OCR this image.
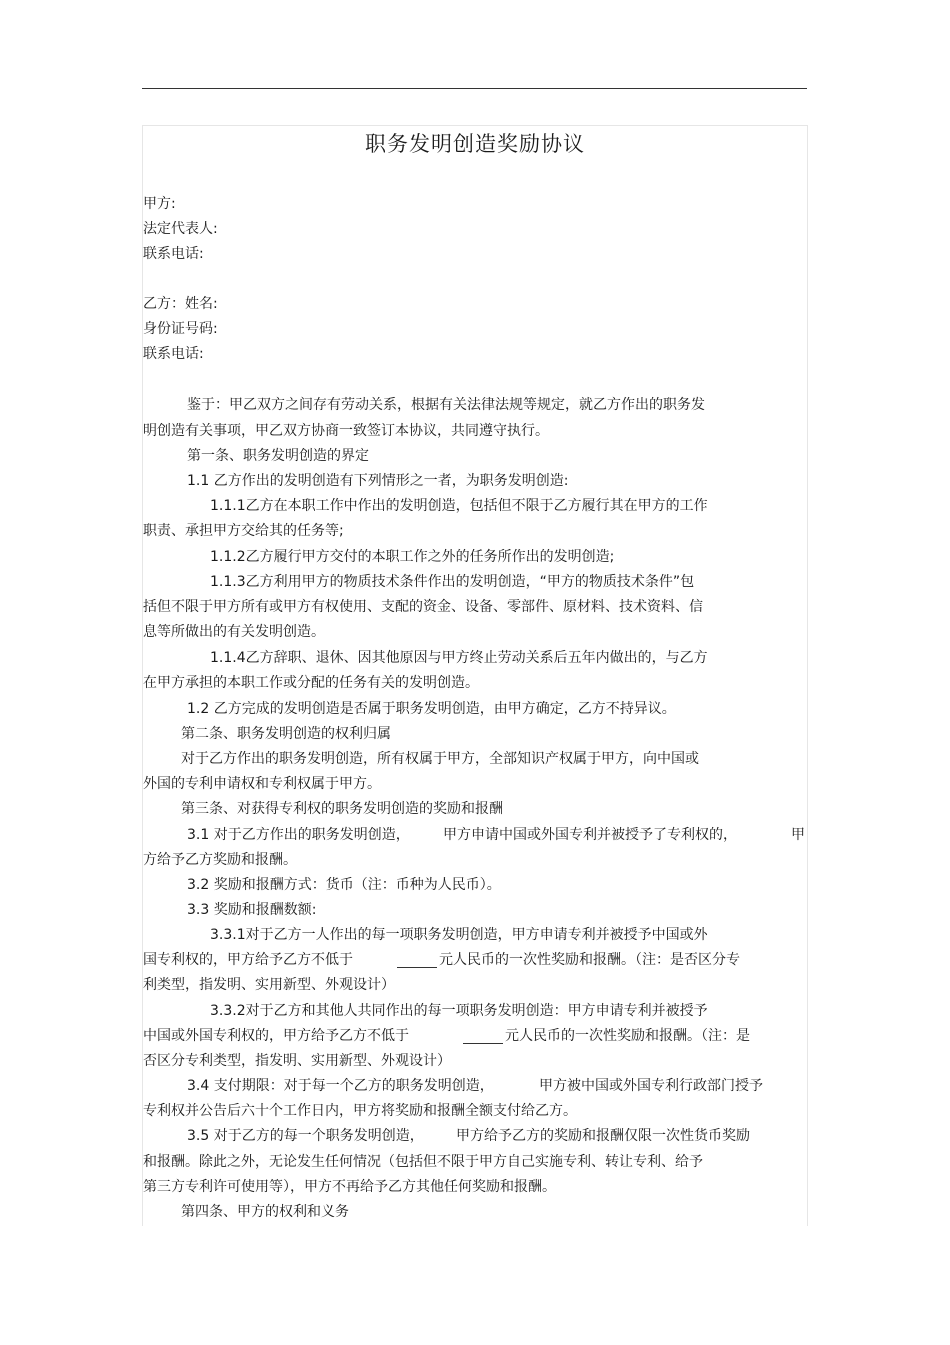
职务发明创造奖励协议
甲方:
法定代表人:
联系电话:
乙方：姓名:
身份证号码:
联系电话:
鉴于：甲乙双方之间存有劳动关系，根据有关法律法规等规定，就乙方作出的职务发
明创造有关事项，甲乙双方协商一致签订本协议，共同遵守执行。
第一条、职务发明创造的界定
1.1 乙方作出的发明创造有下列情形之一者，为职务发明创造:
1.1.1乙方在本职工作中作出的发明创造，包括但不限于乙方履行其在甲方的工作
职责、承担甲方交给其的任务等;
1.1.2乙方履行甲方交付的本职工作之外的任务所作出的发明创造;
1.1.3乙方利用甲方的物质技术条件作出的发明创造，“甲方的物质技术条件”包
括但不限于甲方所有或甲方有权使用、支配的资金、设备、零部件、原材料、技术资料、信
息等所做出的有关发明创造。
1.1.4乙方辞职、退休、因其他原因与甲方终止劳动关系后五年内做出的，与乙方
在甲方承担的本职工作或分配的任务有关的发明创造。
1.2 乙方完成的发明创造是否属于职务发明创造，由甲方确定，乙方不持异议。
第二条、职务发明创造的权利归属
对于乙方作出的职务发明创造，所有权属于甲方，全部知识产权属于甲方，向中国或
外国的专利申请权和专利权属于甲方。
第三条、对获得专利权的职务发明创造的奖励和报酬
3.1 对于乙方作出的职务发明创造， 甲方申请中国或外国专利并被授予了专利权的，	甲
方给予乙方奖励和报酬。
3.2 奖励和报酬方式：货币（注：币种为人民币）。
3.3 奖励和报酬数额:
3.3.1对于乙方一人作出的每一项职务发明创造，甲方申请专利并被授予中国或外
国专利权的，甲方给予乙方不低于	元人民币的一次性奖励和报酬。（注：是否区分专
利类型，指发明、实用新型、外观设计）
3.3.2对于乙方和其他人共同作出的每一项职务发明创造：甲方申请专利并被授予
中国或外国专利权的，甲方给予乙方不低于	元人民币的一次性奖励和报酬。（注：是
否区分专利类型，指发明、实用新型、外观设计）
3.4 支付期限：对于每一个乙方的职务发明创造，	甲方被中国或外国专利行政部门授予
专利权并公告后六十个工作日内，甲方将奖励和报酬全额支付给乙方。
3.5 对于乙方的每一个职务发明创造， 甲方给予乙方的奖励和报酬仅限一次性货币奖励
和报酬。除此之外，无论发生任何情况（包括但不限于甲方自己实施专利、转让专利、给予
第三方专利许可使用等），甲方不再给予乙方其他任何奖励和报酬。
第四条、甲方的权利和义务
